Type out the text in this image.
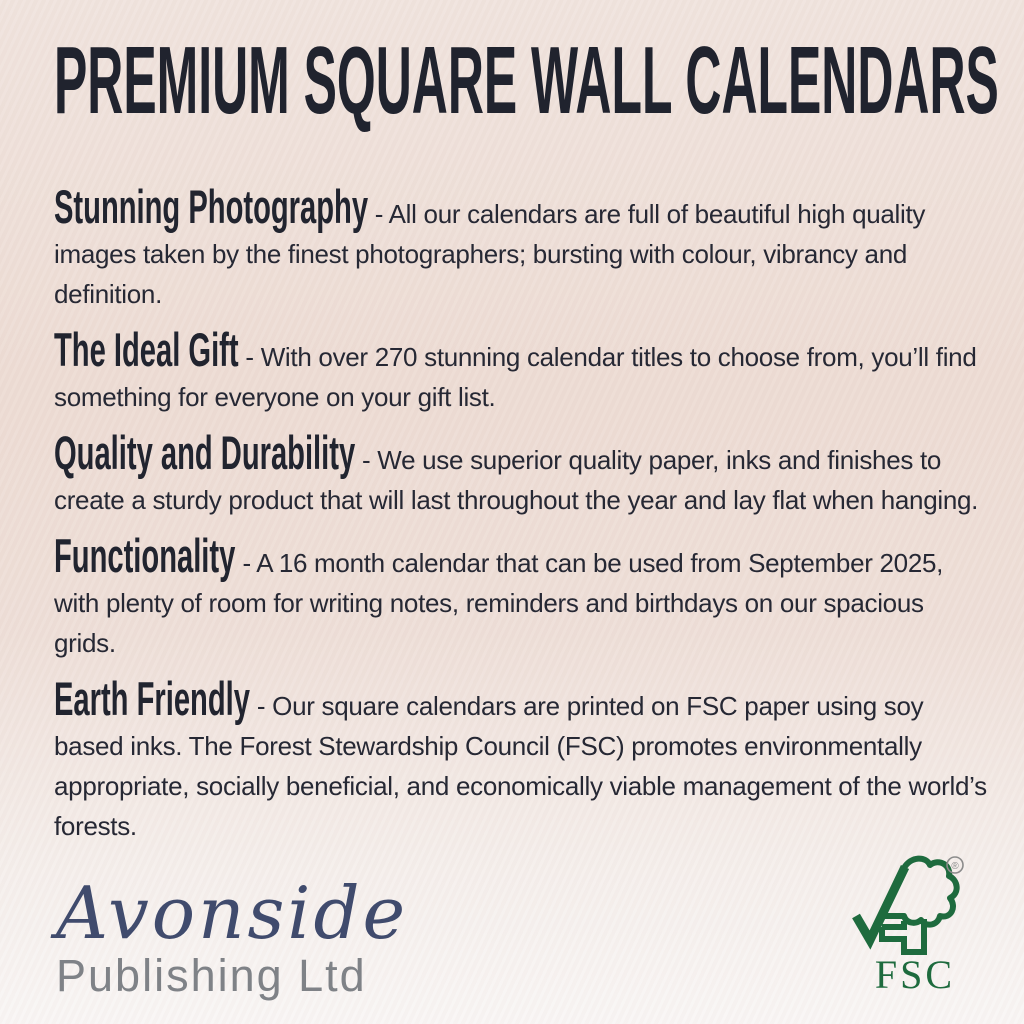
PREMIUM SQUARE WALL CALENDARS

Stunning Photography - All our calendars are full of beautiful high quality images taken by the finest photographers; bursting with colour, vibrancy and definition.

The Ideal Gift - With over 270 stunning calendar titles to choose from, you’ll find something for everyone on your gift list.

Quality and Durability - We use superior quality paper, inks and finishes to create a sturdy product that will last throughout the year and lay flat when hanging.

Functionality - A 16 month calendar that can be used from September 2025, with plenty of room for writing notes, reminders and birthdays on our spacious grids.

Earth Friendly - Our square calendars are printed on FSC paper using soy based inks. The Forest Stewardship Council (FSC) promotes environmentally appropriate, socially beneficial, and economically viable management of the world’s forests.

Avonside
Publishing Ltd
®
FSC
